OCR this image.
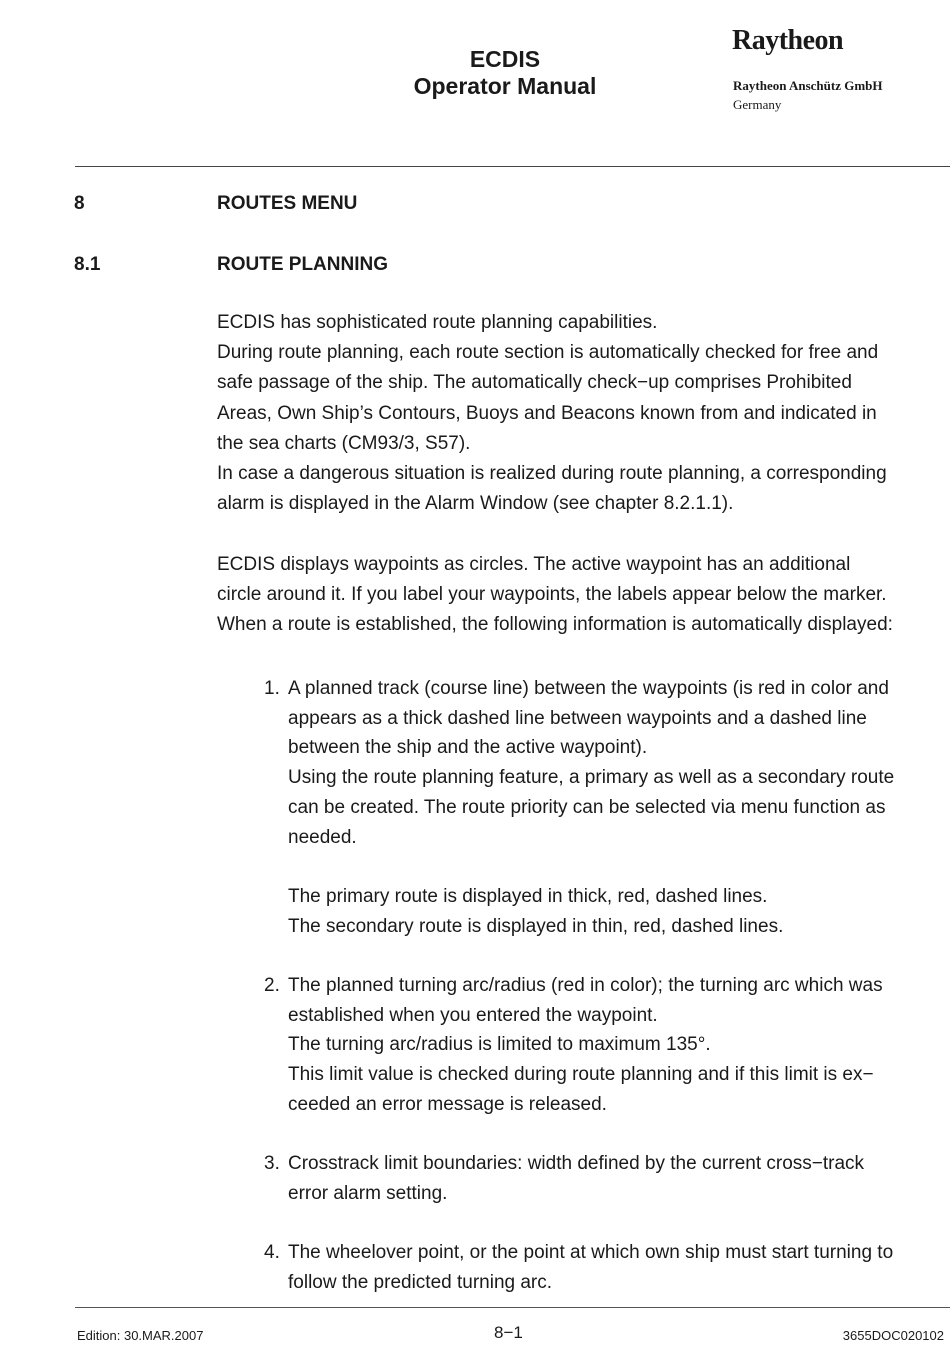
ECDIS
Operator Manual
Raytheon
Raytheon Anschütz GmbH
Germany
8	ROUTES MENU
8.1	ROUTE PLANNING

ECDIS has sophisticated route planning capabilities.

During route planning, each route section is automatically checked for free and

safe passage of the ship. The automatically check−up comprises Prohibited

Areas, Own Ship’s Contours, Buoys and Beacons known from and indicated in

the sea charts (CM93/3, S57).

In case a dangerous situation is realized during route planning, a corresponding

alarm is displayed in the Alarm Window (see chapter 8.2.1.1).

ECDIS displays waypoints as circles. The active waypoint has an additional

circle around it. If you label your waypoints, the labels appear below the marker.

When a route is established, the following information is automatically displayed:

1. A planned track (course line) between the waypoints (is red in color and

appears as a thick dashed line between waypoints and a dashed line

between the ship and the active waypoint).

Using the route planning feature, a primary as well as a secondary route

can be created. The route priority can be selected via menu function as

needed.

The primary route is displayed in thick, red, dashed lines.

The secondary route is displayed in thin, red, dashed lines.

2. The planned turning arc/radius (red in color); the turning arc which was

established when you entered the waypoint.

The turning arc/radius is limited to maximum 135°.

This limit value is checked during route planning and if this limit is ex−

ceeded an error message is released.

3. Crosstrack limit boundaries: width defined by the current cross−track

error alarm setting.

4. The wheelover point, or the point at which own ship must start turning to

follow the predicted turning arc.

Edition: 30.MAR.2007	8−1	3655DOC020102
